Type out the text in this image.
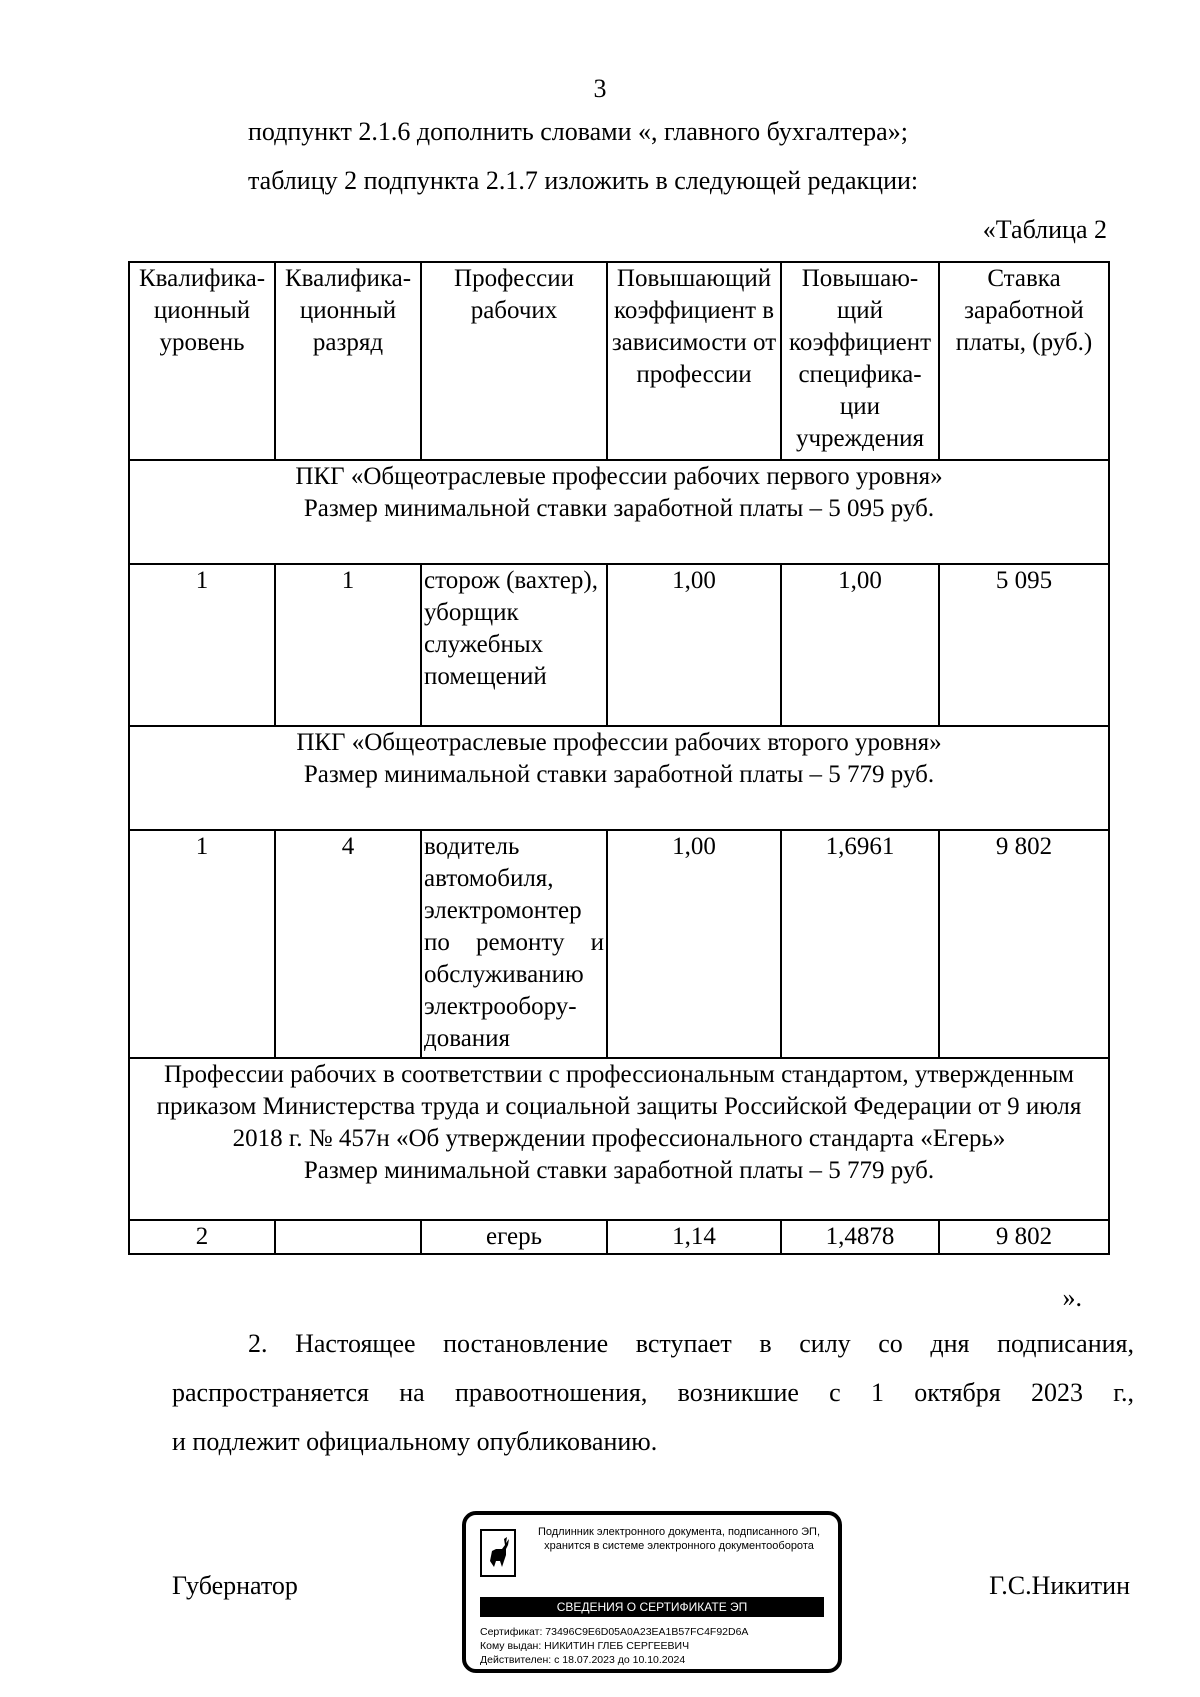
3
подпункт 2.1.6 дополнить словами «, главного бухгалтера»;
таблицу 2 подпункта 2.1.7 изложить в следующей редакции:
«Таблица 2
Квалифика-ционный уровень	Квалифика-ционный разряд	Профессии рабочих	Повышающий коэффициент в зависимости от профессии	Повышаю-щий коэффициент специфика-ции учреждения	Ставка заработной платы, (руб.)
ПКГ «Общеотраслевые профессии рабочих первого уровня»
Размер минимальной ставки заработной платы – 5 095 руб.					
1	1	сторож (вахтер), уборщик служебных помещений	1,00	1,00	5 095
ПКГ «Общеотраслевые профессии рабочих второго уровня»
Размер минимальной ставки заработной платы – 5 779 руб.					
1	4	водитель автомобиля, электромонтер по ремонту и обслуживанию электрообору-дования	1,00	1,6961	9 802
Профессии рабочих в соответствии с профессиональным стандартом, утвержденным приказом Министерства труда и социальной защиты Российской Федерации от 9 июля 2018 г. № 457н «Об утверждении профессионального стандарта «Егерь»
Размер минимальной ставки заработной платы – 5 779 руб.					
2		егерь	1,14	1,4878	9 802
».
2. Настоящее постановление вступает в силу со дня подписания,
распространяется на правоотношения, возникшие с 1 октября 2023 г.,
и подлежит официальному опубликованию.
Губернатор	Г.С.Никитин
Подлинник электронного документа, подписанного ЭП, хранится в системе электронного документооборота
СВЕДЕНИЯ О СЕРТИФИКАТЕ ЭП
Сертификат: 73496C9E6D05A0A23EA1B57FC4F92D6A
Кому выдан: НИКИТИН ГЛЕБ СЕРГЕЕВИЧ
Действителен: с 18.07.2023 до 10.10.2024
